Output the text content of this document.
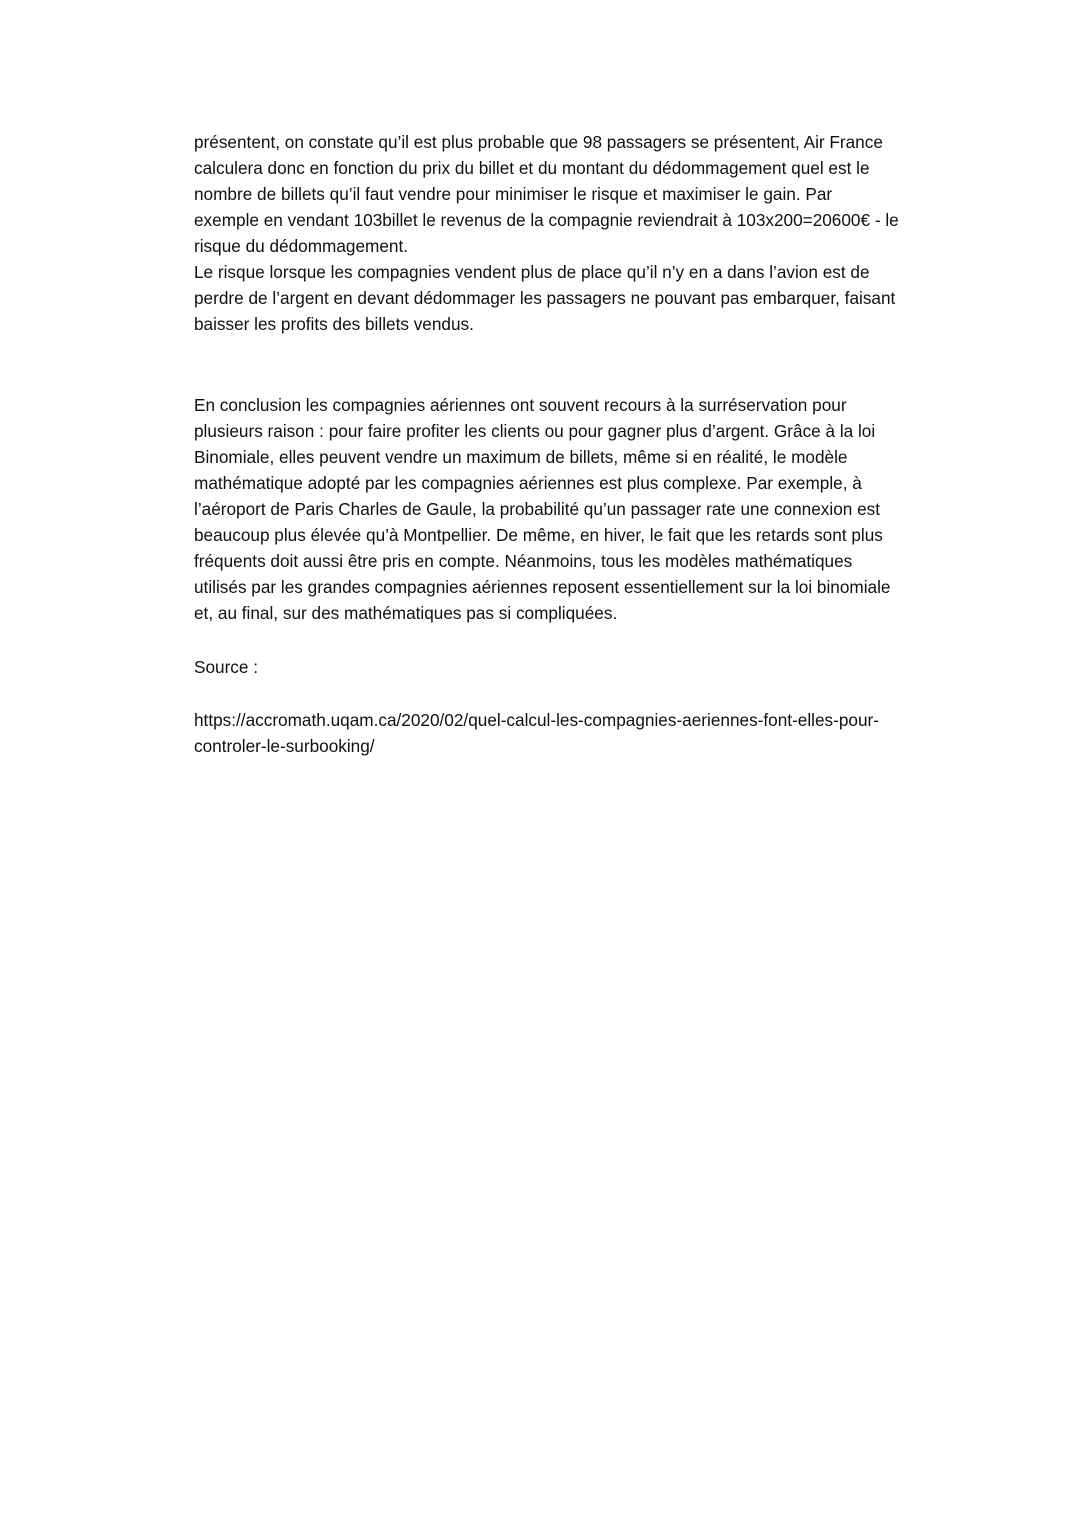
présentent, on constate qu’il est plus probable que 98 passagers se présentent, Air France
calculera donc en fonction du prix du billet et du montant du dédommagement quel est le
nombre de billets qu’il faut vendre pour minimiser le risque et maximiser le gain. Par
exemple en vendant 103billet le revenus de la compagnie reviendrait à 103x200=20600€ - le
risque du dédommagement.
Le risque lorsque les compagnies vendent plus de place qu’il n’y en a dans l’avion est de
perdre de l’argent en devant dédommager les passagers ne pouvant pas embarquer, faisant
baisser les profits des billets vendus.
En conclusion les compagnies aériennes ont souvent recours à la surréservation pour
plusieurs raison : pour faire profiter les clients ou pour gagner plus d’argent. Grâce à la loi
Binomiale, elles peuvent vendre un maximum de billets, même si en réalité, le modèle
mathématique adopté par les compagnies aériennes est plus complexe. Par exemple, à
l’aéroport de Paris Charles de Gaule, la probabilité qu’un passager rate une connexion est
beaucoup plus élevée qu’à Montpellier. De même, en hiver, le fait que les retards sont plus
fréquents doit aussi être pris en compte. Néanmoins, tous les modèles mathématiques
utilisés par les grandes compagnies aériennes reposent essentiellement sur la loi binomiale
et, au final, sur des mathématiques pas si compliquées.
Source :
https://accromath.uqam.ca/2020/02/quel-calcul-les-compagnies-aeriennes-font-elles-pour-
controler-le-surbooking/
